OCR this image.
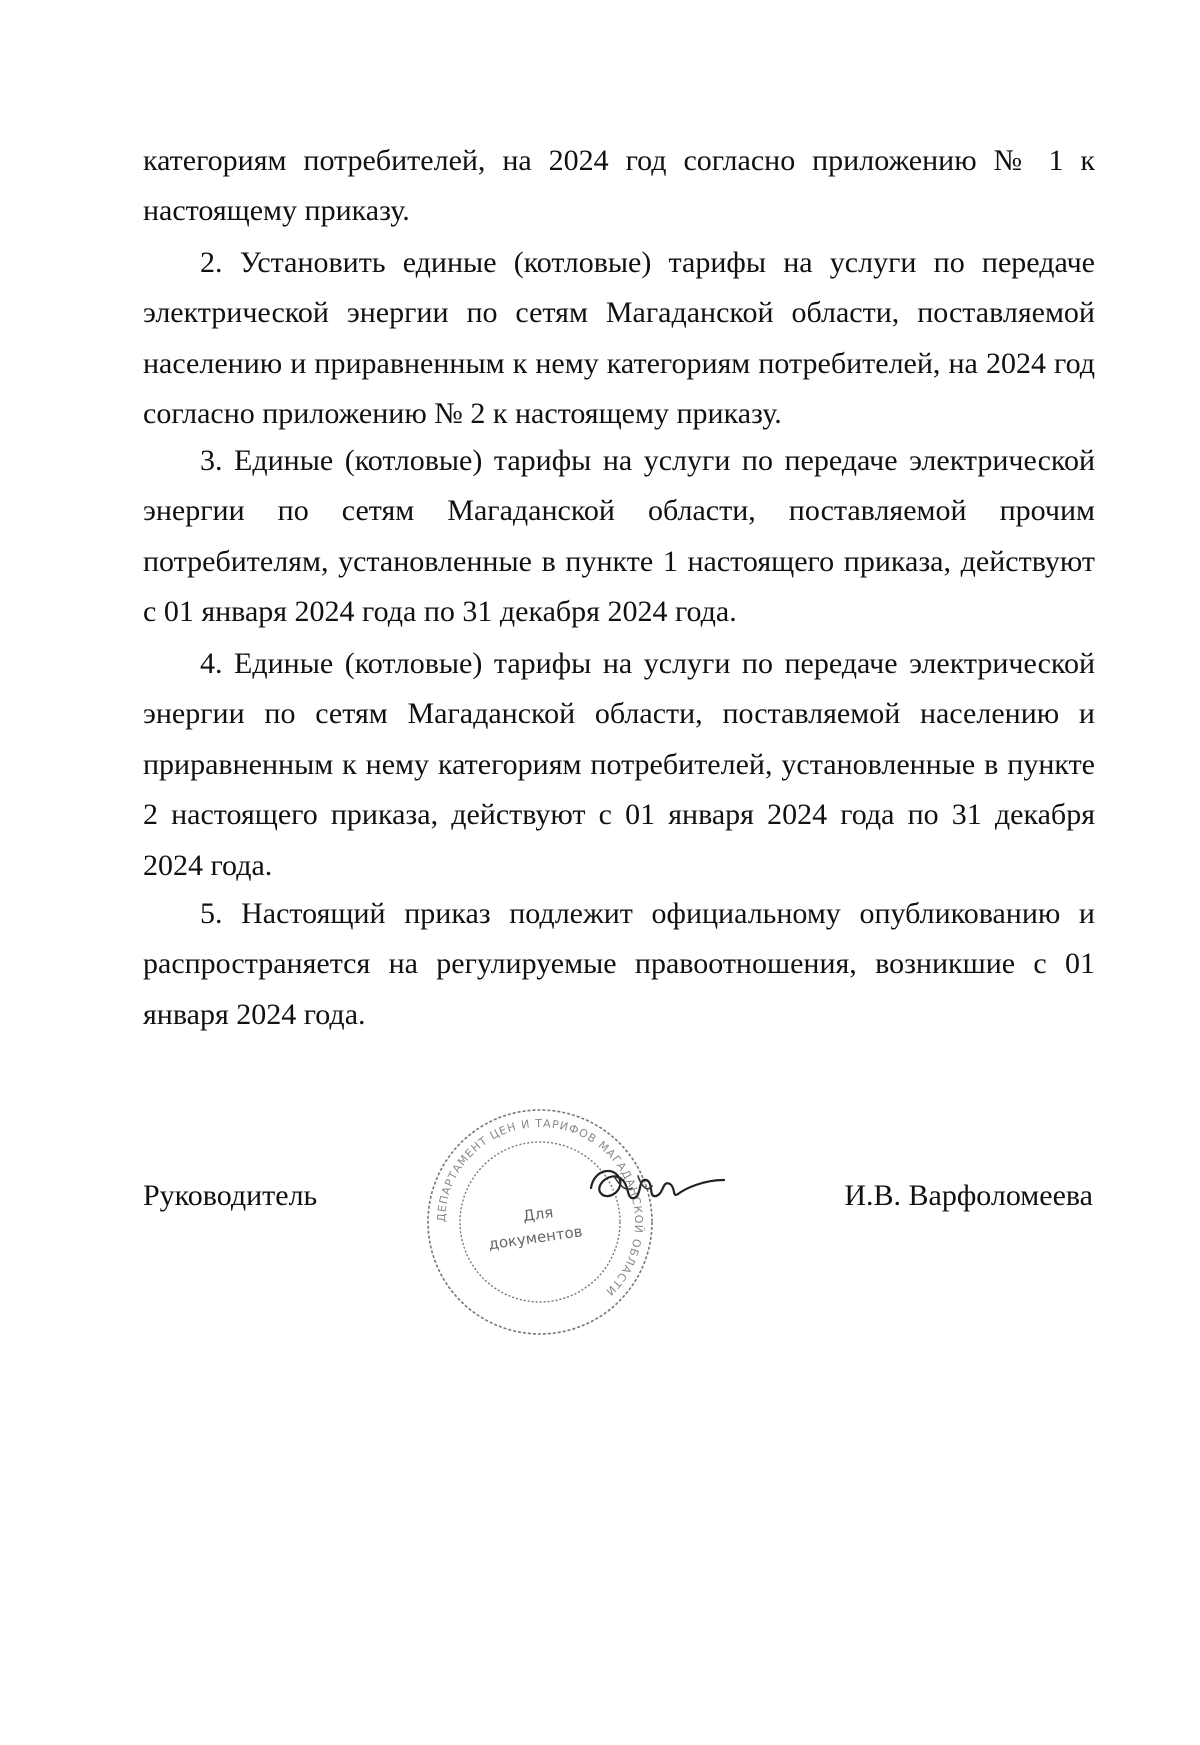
категориям потребителей, на 2024 год согласно приложению № 1 к настоящему приказу.

2. Установить единые (котловые) тарифы на услуги по передаче электрической энергии по сетям Магаданской области, поставляемой населению и приравненным к нему категориям потребителей, на 2024 год согласно приложению № 2 к настоящему приказу.

3. Единые (котловые) тарифы на услуги по передаче электрической энергии по сетям Магаданской области, поставляемой прочим потребителям, установленные в пункте 1 настоящего приказа, действуют с 01 января 2024 года по 31 декабря 2024 года.

4. Единые (котловые) тарифы на услуги по передаче электрической энергии по сетям Магаданской области, поставляемой населению и приравненным к нему категориям потребителей, установленные в пункте 2 настоящего приказа, действуют с 01 января 2024 года по 31 декабря 2024 года.

5. Настоящий приказ подлежит официальному опубликованию и распространяется на регулируемые правоотношения, возникшие с 01 января 2024 года.

Руководитель	И.В. Варфоломеева

ДЕПАРТАМЕНТ ЦЕН И ТАРИФОВ МАГАДАНСКОЙ ОБЛАСТИ
Для
документов
